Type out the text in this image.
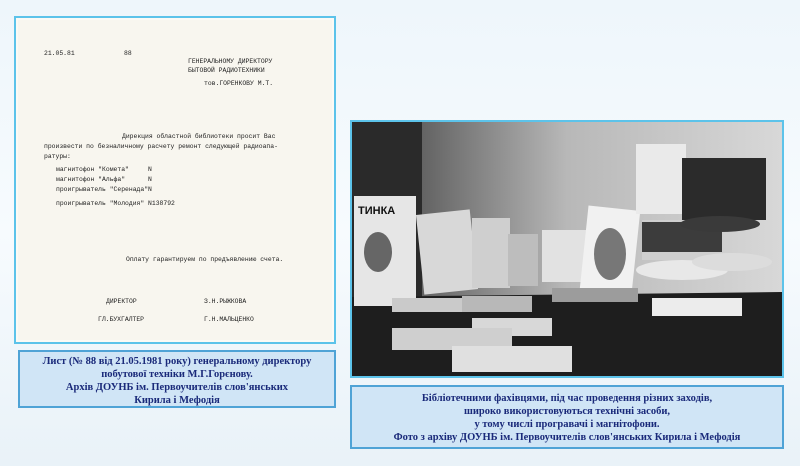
21.05.81	88
ГЕНЕРАЛЬНОМУ ДИРЕКТОРУ
БЫТОВОЙ РАДИОТЕХНИКИ
тов.ГОРЕНКОВУ М.Т.
Дирекция областной библиотеки просит Вас
произвести по безналичному расчету ремонт следующей радиоапа-
ратуры:
магнитофон "Комета"     N
магнитофон "Альфа"      N
проигрыватель "Серенада"N
проигрыватель "Молодия" N138792
Оплату гарантируем по предъявлению счета.
ДИРЕКТОР	З.Н.РЫЖКОВА
ГЛ.БУХГАЛТЕР	Г.Н.МАЛЬЦЕНКО
ТИНКА
Лист (№ 88 від 21.05.1981 року) генеральному директору
побутової техніки М.Г.Горєнову.
Архів ДОУНБ ім. Первоучителів слов'янських
Кирила і Мефодія	Бібліотечними фахівцями, під час проведення різних заходів,
широко використовуються технічні засоби,
у тому числі програвачі і магнітофони.
Фото з архіву ДОУНБ ім. Первоучителів слов'янських Кирила і Мефодія
